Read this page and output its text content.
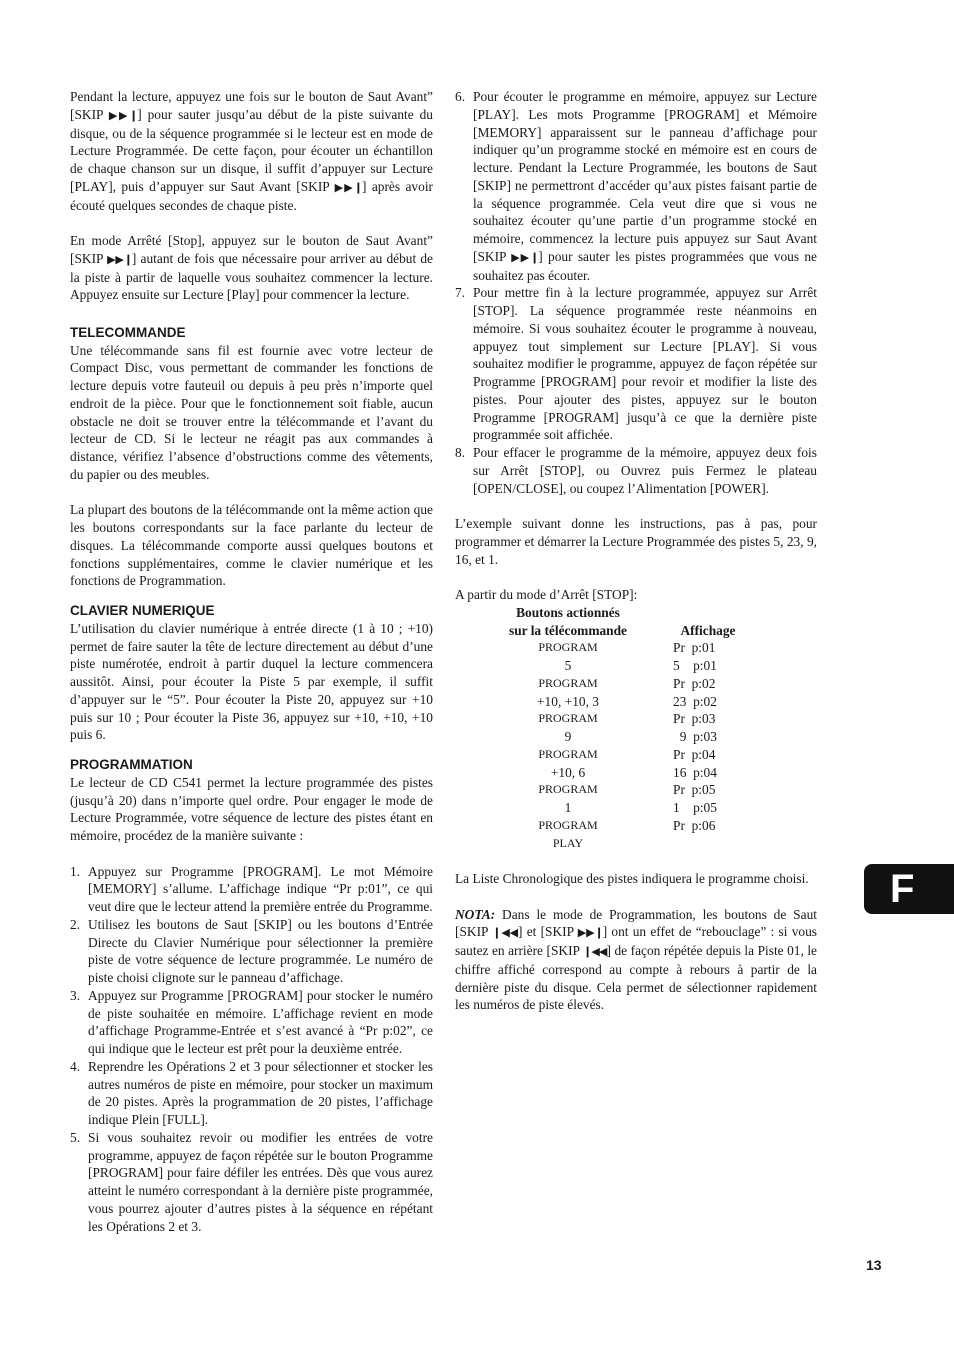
Pendant la lecture, appuyez une fois sur le bouton de Saut Avant” [SKIP ▶▶❙] pour sauter jusqu’au début de la piste suivante du disque, ou de la séquence programmée si le lecteur est en mode de Lecture Programmée. De cette façon, pour écouter un échantillon de chaque chanson sur un disque, il suffit d’appuyer sur Lecture [PLAY], puis d’appuyer sur Saut Avant [SKIP ▶▶❙] après avoir écouté quelques secondes de chaque piste.

En mode Arrêté [Stop], appuyez sur le bouton de Saut Avant” [SKIP ▶▶❙] autant de fois que nécessaire pour arriver au début de la piste à partir de laquelle vous souhaitez commencer la lecture. Appuyez ensuite sur Lecture [Play] pour commencer la lecture.

TELECOMMANDE

Une télécommande sans fil est fournie avec votre lecteur de Compact Disc, vous permettant de commander les fonctions de lecture depuis votre fauteuil ou depuis à peu près n’importe quel endroit de la pièce. Pour que le fonctionnement soit fiable, aucun obstacle ne doit se trouver entre la télécommande et l’avant du lecteur de CD. Si le lecteur ne réagit pas aux commandes à distance, vérifiez l’absence d’obstructions comme des vêtements, du papier ou des meubles.

La plupart des boutons de la télécommande ont la même action que les boutons correspondants sur la face parlante du lecteur de disques. La télécommande comporte aussi quelques boutons et fonctions supplémentaires, comme le clavier numérique et les fonctions de Programmation.

CLAVIER NUMERIQUE

L’utilisation du clavier numérique à entrée directe (1 à 10 ; +10) permet de faire sauter la tête de lecture directement au début d’une piste numérotée, endroit à partir duquel la lecture commencera aussitôt. Ainsi, pour écouter la Piste 5 par exemple, il suffit d’appuyer sur le “5”. Pour écouter la Piste 20, appuyez sur +10 puis sur 10 ; Pour écouter la Piste 36, appuyez sur +10, +10, +10 puis 6.

PROGRAMMATION

Le lecteur de CD C541 permet la lecture programmée des pistes (jusqu’à 20) dans n’importe quel ordre. Pour engager le mode de Lecture Programmée, votre séquence de lecture des pistes étant en mémoire, procédez de la manière suivante :

1. Appuyez sur Programme [PROGRAM]. Le mot Mémoire [MEMORY] s’allume. L’affichage indique “Pr p:01”, ce qui veut dire que le lecteur attend la première entrée du Programme.
2. Utilisez les boutons de Saut [SKIP] ou les boutons d’Entrée Directe du Clavier Numérique pour sélectionner la première piste de votre séquence de lecture programmée. Le numéro de piste choisi clignote sur le panneau d’affichage.
3. Appuyez sur Programme [PROGRAM] pour stocker le numéro de piste souhaitée en mémoire. L’affichage revient en mode d’affichage Programme-Entrée et s’est avancé à “Pr p:02”, ce qui indique que le lecteur est prêt pour la deuxième entrée.
4. Reprendre les Opérations 2 et 3 pour sélectionner et stocker les autres numéros de piste en mémoire, pour stocker un maximum de 20 pistes. Après la programmation de 20 pistes, l’affichage indique Plein [FULL].
5. Si vous souhaitez revoir ou modifier les entrées de votre programme, appuyez de façon répétée sur le bouton Programme [PROGRAM] pour faire défiler les entrées. Dès que vous aurez atteint le numéro correspondant à la dernière piste programmée, vous pourrez ajouter d’autres pistes à la séquence en répétant les Opérations 2 et 3.
6. Pour écouter le programme en mémoire, appuyez sur Lecture [PLAY]. Les mots Programme [PROGRAM] et Mémoire [MEMORY] apparaissent sur le panneau d’affichage pour indiquer qu’un programme stocké en mémoire est en cours de lecture. Pendant la Lecture Programmée, les boutons de Saut [SKIP] ne permettront d’accéder qu’aux pistes faisant partie de la séquence programmée. Cela veut dire que si vous ne souhaitez écouter qu’une partie d’un programme stocké en mémoire, commencez la lecture puis appuyez sur Saut Avant [SKIP ▶▶❙] pour sauter les pistes programmées que vous ne souhaitez pas écouter.
7. Pour mettre fin à la lecture programmée, appuyez sur Arrêt [STOP]. La séquence programmée reste néanmoins en mémoire. Si vous souhaitez écouter le programme à nouveau, appuyez tout simplement sur Lecture [PLAY]. Si vous souhaitez modifier le programme, appuyez de façon répétée sur Programme [PROGRAM] pour revoir et modifier la liste des pistes. Pour ajouter des pistes, appuyez sur le bouton Programme [PROGRAM] jusqu’à ce que la dernière piste programmée soit affichée.
8. Pour effacer le programme de la mémoire, appuyez deux fois sur Arrêt [STOP], ou Ouvrez puis Fermez le plateau [OPEN/CLOSE], ou coupez l’Alimentation [POWER].

L’exemple suivant donne les instructions, pas à pas, pour programmer et démarrer la Lecture Programmée des pistes 5, 23, 9, 16, et 1.

A partir du mode d’Arrêt [STOP]:

Boutons actionnés	
sur la télécommande	Affichage
PROGRAM	Pr  p:01
5	5    p:01
PROGRAM	Pr  p:02
+10, +10, 3	23  p:02
PROGRAM	Pr  p:03
9	9  p:03
PROGRAM	Pr  p:04
+10, 6	16  p:04
PROGRAM	Pr  p:05
1	1    p:05
PROGRAM	Pr  p:06
PLAY	

La Liste Chronologique des pistes indiquera le programme choisi.

NOTA: Dans le mode de Programmation, les boutons de Saut [SKIP ❙◀◀] et [SKIP ▶▶❙] ont un effet de “rebouclage” : si vous sautez en arrière [SKIP ❙◀◀] de façon répétée depuis la Piste 01, le chiffre affiché correspond au compte à rebours à partir de la dernière piste du disque. Cela permet de sélectionner rapidement les numéros de piste élevés.

F
13
